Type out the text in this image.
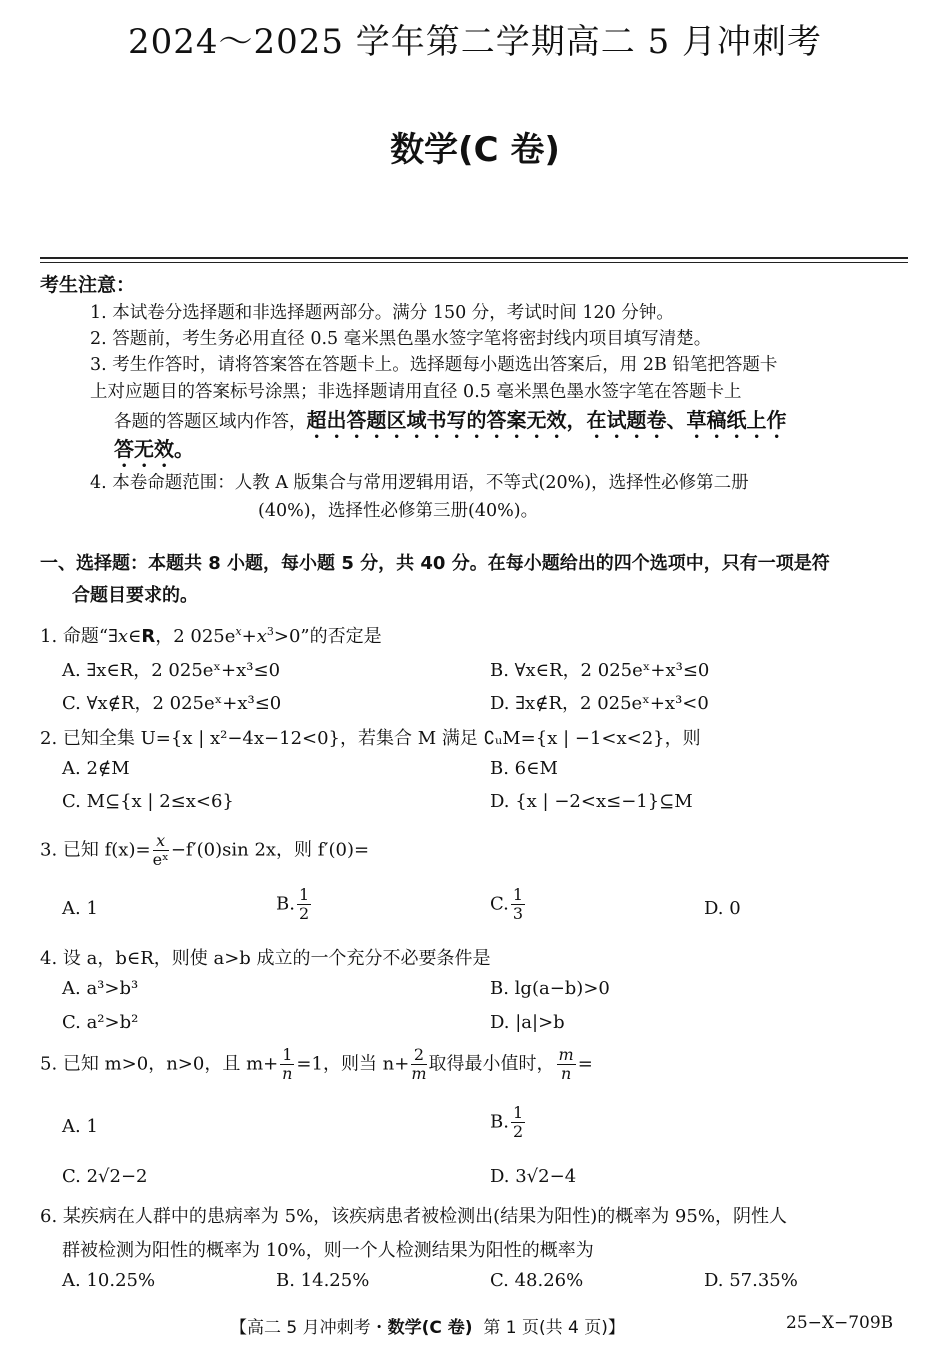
2024～2025 学年第二学期高二 5 月冲刺考
数学(C 卷)
考生注意：
1. 本试卷分选择题和非选择题两部分。满分 150 分，考试时间 120 分钟。
2. 答题前，考生务必用直径 0.5 毫米黑色墨水签字笔将密封线内项目填写清楚。
3. 考生作答时，请将答案答在答题卡上。选择题每小题选出答案后，用 2B 铅笔把答题卡
上对应题目的答案标号涂黑；非选择题请用直径 0.5 毫米黑色墨水签字笔在答题卡上
各题的答题区域内作答，超出答题区域书写的答案无效，在试题卷、草稿纸上作
答无效。
4. 本卷命题范围：人教 A 版集合与常用逻辑用语，不等式(20%)，选择性必修第二册
(40%)，选择性必修第三册(40%)。
一、选择题：本题共 8 小题，每小题 5 分，共 40 分。在每小题给出的四个选项中，只有一项是符
合题目要求的。
1. 命题“∃x∈R，2 $025e^x+x^3>0$”的否定是
A. ∃x∈R，2 025eˣ+x³≤0	B. ∀x∈R，2 025eˣ+x³≤0
C. ∀x∉R，2 025eˣ+x³≤0	D. ∃x∉R，2 025eˣ+x³<0
2. 已知全集 U={x | x²−4x−12<0}，若集合 M 满足 ∁ᵤM={x | −1<x<2}，则
A. 2∉M	B. 6∈M
C. M⊆{x | 2≤x<6}	D. {x | −2<x≤−1}⊆M
3. 已知 $f(x)= \frac{x}{\text{eˣ}} -f'(0)\sin$ 2x，则 f′(0)=
A. 1	B. $\frac{1}{2}$	C. $\frac{1}{3}$	D. 0
4. 设 a，b∈R，则使 a>b 成立的一个充分不必要条件是
A. a³>b³	B. lg(a−b)>0
C. a²>b²	D. |a|>b
5. 已知 m>0，n>0，且 $m+ \frac{1}{n} =1$，则当 $n+ \frac{2}{m}$ 取得最小值时， $\frac{m}{n}$ =
A. 1	B. $\frac{1}{2}$
C. 2√2−2	D. 3√2−4
6. 某疾病在人群中的患病率为 5%，该疾病患者被检测出(结果为阳性)的概率为 95%，阴性人
群被检测为阳性的概率为 10%，则一个人检测结果为阳性的概率为
A. 10.25%	B. 14.25%	C. 48.26%	D. 57.35%
【高二 5 月冲刺考・数学(C 卷) 第 1 页(共 4 页)】	25−X−709B
